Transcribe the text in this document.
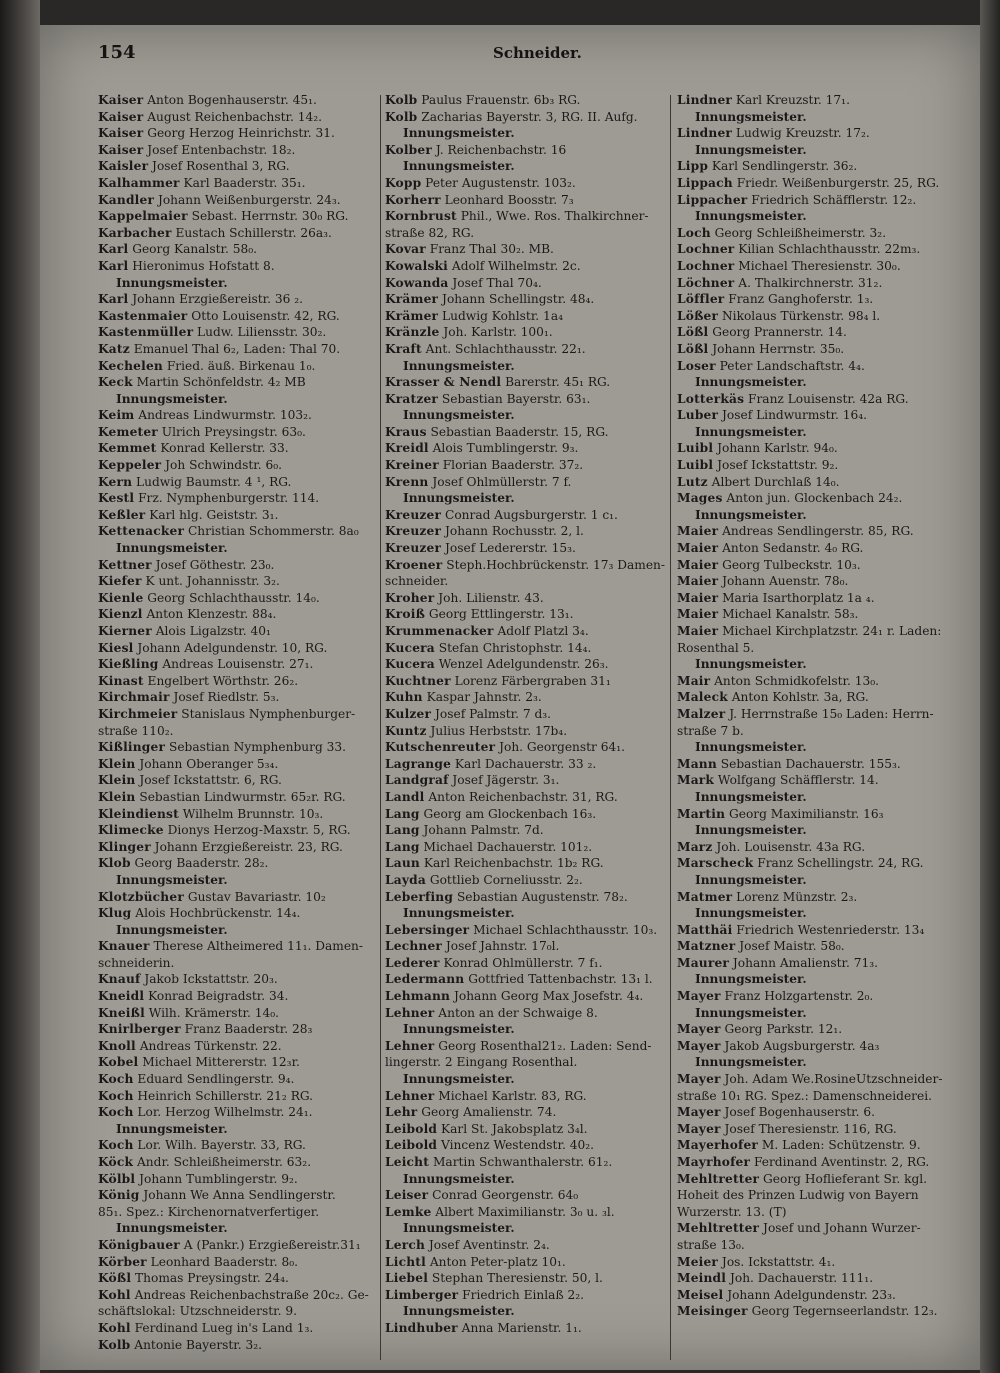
154	Schneider.
Kaiser Anton Bogenhauserstr. 45₁.
Kaiser August Reichenbachstr. 14₂.
Kaiser Georg Herzog Heinrichstr. 31.
Kaiser Josef Entenbachstr. 18₂.
Kaisler Josef Rosenthal 3, RG.
Kalhammer Karl Baaderstr. 35₁.
Kandler Johann Weißenburgerstr. 24₃.
Kappelmaier Sebast. Herrnstr. 30₀ RG.
Karbacher Eustach Schillerstr. 26a₃.
Karl Georg Kanalstr. 58₀.
Karl Hieronimus Hofstatt 8.
Innungsmeister.
Karl Johann Erzgießereistr. 36 ₂.
Kastenmaier Otto Louisenstr. 42, RG.
Kastenmüller Ludw. Liliensstr. 30₂.
Katz Emanuel Thal 6₂, Laden: Thal 70.
Kechelen Fried. äuß. Birkenau 1₀.
Keck Martin Schönfeldstr. 4₂ MB
Innungsmeister.
Keim Andreas Lindwurmstr. 103₂.
Kemeter Ulrich Preysingstr. 63₀.
Kemmet Konrad Kellerstr. 33.
Keppeler Joh Schwindstr. 6₀.
Kern Ludwig Baumstr. 4 ¹, RG.
Kestl Frz. Nymphenburgerstr. 114.
Keßler Karl hlg. Geiststr. 3₁.
Kettenacker Christian Schommerstr. 8a₀
Innungsmeister.
Kettner Josef Göthestr. 23₀.
Kiefer K unt. Johannisstr. 3₂.
Kienle Georg Schlachthausstr. 14₀.
Kienzl Anton Klenzestr. 88₄.
Kierner Alois Ligalzstr. 40₁
Kiesl Johann Adelgundenstr. 10, RG.
Kießling Andreas Louisenstr. 27₁.
Kinast Engelbert Wörthstr. 26₂.
Kirchmair Josef Riedlstr. 5₃.
Kirchmeier Stanislaus Nymphenburger-
straße 110₂.
Kißlinger Sebastian Nymphenburg 33.
Klein Johann Oberanger 5₃₄.
Klein Josef Ickstattstr. 6, RG.
Klein Sebastian Lindwurmstr. 65₂r. RG.
Kleindienst Wilhelm Brunnstr. 10₃.
Klimecke Dionys Herzog-Maxstr. 5, RG.
Klinger Johann Erzgießereistr. 23, RG.
Klob Georg Baaderstr. 28₂.
Innungsmeister.
Klotzbücher Gustav Bavariastr. 10₂
Klug Alois Hochbrückenstr. 14₄.
Innungsmeister.
Knauer Therese Altheimered 11₁. Damen-
schneiderin.
Knauf Jakob Ickstattstr. 20₃.
Kneidl Konrad Beigradstr. 34.
Kneißl Wilh. Krämerstr. 14₀.
Knirlberger Franz Baaderstr. 28₃
Knoll Andreas Türkenstr. 22.
Kobel Michael Mittererstr. 12₃r.
Koch Eduard Sendlingerstr. 9₄.
Koch Heinrich Schillerstr. 21₂ RG.
Koch Lor. Herzog Wilhelmstr. 24₁.
Innungsmeister.
Koch Lor. Wilh. Bayerstr. 33, RG.
Köck Andr. Schleißheimerstr. 63₂.
Kölbl Johann Tumblingerstr. 9₂.
König Johann We Anna Sendlingerstr.
85₁. Spez.: Kirchenornatverfertiger.
Innungsmeister.
Königbauer A (Pankr.) Erzgießereistr.31₁
Körber Leonhard Baaderstr. 8₀.
Kößl Thomas Preysingstr. 24₄.
Kohl Andreas Reichenbachstraße 20c₂. Ge-
schäftslokal: Utzschneiderstr. 9.
Kohl Ferdinand Lueg in's Land 1₃.
Kolb Antonie Bayerstr. 3₂.
Kolb Paulus Frauenstr. 6b₃ RG.
Kolb Zacharias Bayerstr. 3, RG. II. Aufg.
Innungsmeister.
Kolber J. Reichenbachstr. 16
Innungsmeister.
Kopp Peter Augustenstr. 103₂.
Korherr Leonhard Boosstr. 7₃
Kornbrust Phil., Wwe. Ros. Thalkirchner-
straße 82, RG.
Kovar Franz Thal 30₂. MB.
Kowalski Adolf Wilhelmstr. 2c.
Kowanda Josef Thal 70₄.
Krämer Johann Schellingstr. 48₄.
Krämer Ludwig Kohlstr. 1a₄
Kränzle Joh. Karlstr. 100₁.
Kraft Ant. Schlachthausstr. 22₁.
Innungsmeister.
Krasser & Nendl Barerstr. 45₁ RG.
Kratzer Sebastian Bayerstr. 63₁.
Innungsmeister.
Kraus Sebastian Baaderstr. 15, RG.
Kreidl Alois Tumblingerstr. 9₃.
Kreiner Florian Baaderstr. 37₂.
Krenn Josef Ohlmüllerstr. 7 f.
Innungsmeister.
Kreuzer Conrad Augsburgerstr. 1 c₁.
Kreuzer Johann Rochusstr. 2, l.
Kreuzer Josef Ledererstr. 15₃.
Kroener Steph.Hochbrückenstr. 17₃ Damen-
schneider.
Kroher Joh. Lilienstr. 43.
Kroiß Georg Ettlingerstr. 13₁.
Krummenacker Adolf Platzl 3₄.
Kucera Stefan Christophstr. 14₄.
Kucera Wenzel Adelgundenstr. 26₃.
Kuchtner Lorenz Färbergraben 31₁
Kuhn Kaspar Jahnstr. 2₃.
Kulzer Josef Palmstr. 7 d₃.
Kuntz Julius Herbststr. 17b₄.
Kutschenreuter Joh. Georgenstr 64₁.
Lagrange Karl Dachauerstr. 33 ₂.
Landgraf Josef Jägerstr. 3₁.
Landl Anton Reichenbachstr. 31, RG.
Lang Georg am Glockenbach 16₃.
Lang Johann Palmstr. 7d.
Lang Michael Dachauerstr. 101₂.
Laun Karl Reichenbachstr. 1b₂ RG.
Layda Gottlieb Corneliusstr. 2₂.
Leberfing Sebastian Augustenstr. 78₂.
Innungsmeister.
Lebersinger Michael Schlachthausstr. 10₃.
Lechner Josef Jahnstr. 17₀l.
Lederer Konrad Ohlmüllerstr. 7 f₁.
Ledermann Gottfried Tattenbachstr. 13₁ l.
Lehmann Johann Georg Max Josefstr. 4₄.
Lehner Anton an der Schwaige 8.
Innungsmeister.
Lehner Georg Rosenthal21₂. Laden: Send-
lingerstr. 2 Eingang Rosenthal.
Innungsmeister.
Lehner Michael Karlstr. 83, RG.
Lehr Georg Amalienstr. 74.
Leibold Karl St. Jakobsplatz 3₄l.
Leibold Vincenz Westendstr. 40₂.
Leicht Martin Schwanthalerstr. 61₂.
Innungsmeister.
Leiser Conrad Georgenstr. 64₀
Lemke Albert Maximilianstr. 3₀ u. ₃l.
Innungsmeister.
Lerch Josef Aventinstr. 2₄.
Lichtl Anton Peter-platz 10₁.
Liebel Stephan Theresienstr. 50, l.
Limberger Friedrich Einlaß 2₂.
Innungsmeister.
Lindhuber Anna Marienstr. 1₁.
Lindner Karl Kreuzstr. 17₁.
Innungsmeister.
Lindner Ludwig Kreuzstr. 17₂.
Innungsmeister.
Lipp Karl Sendlingerstr. 36₂.
Lippach Friedr. Weißenburgerstr. 25, RG.
Lippacher Friedrich Schäfflerstr. 12₂.
Innungsmeister.
Loch Georg Schleißheimerstr. 3₂.
Lochner Kilian Schlachthausstr. 22m₃.
Lochner Michael Theresienstr. 30₀.
Löchner A. Thalkirchnerstr. 31₂.
Löffler Franz Ganghoferstr. 1₃.
Lößer Nikolaus Türkenstr. 98₄ l.
Lößl Georg Prannerstr. 14.
Lößl Johann Herrnstr. 35₀.
Loser Peter Landschaftstr. 4₄.
Innungsmeister.
Lotterkäs Franz Louisenstr. 42a RG.
Luber Josef Lindwurmstr. 16₄.
Innungsmeister.
Luibl Johann Karlstr. 94₀.
Luibl Josef Ickstattstr. 9₂.
Lutz Albert Durchlaß 14₀.
Mages Anton jun. Glockenbach 24₂.
Innungsmeister.
Maier Andreas Sendlingerstr. 85, RG.
Maier Anton Sedanstr. 4₀ RG.
Maier Georg Tulbeckstr. 10₃.
Maier Johann Auenstr. 78₀.
Maier Maria Isarthorplatz 1a ₄.
Maier Michael Kanalstr. 58₃.
Maier Michael Kirchplatzstr. 24₁ r. Laden:
Rosenthal 5.
Innungsmeister.
Mair Anton Schmidkofelstr. 13₀.
Maleck Anton Kohlstr. 3a, RG.
Malzer J. Herrnstraße 15₀ Laden: Herrn-
straße 7 b.
Innungsmeister.
Mann Sebastian Dachauerstr. 155₃.
Mark Wolfgang Schäfflerstr. 14.
Innungsmeister.
Martin Georg Maximilianstr. 16₃
Innungsmeister.
Marz Joh. Louisenstr. 43a RG.
Marscheck Franz Schellingstr. 24, RG.
Innungsmeister.
Matmer Lorenz Münzstr. 2₃.
Innungsmeister.
Matthäi Friedrich Westenriederstr. 13₄
Matzner Josef Maistr. 58₀.
Maurer Johann Amalienstr. 71₃.
Innungsmeister.
Mayer Franz Holzgartenstr. 2₀.
Innungsmeister.
Mayer Georg Parkstr. 12₁.
Mayer Jakob Augsburgerstr. 4a₃
Innungsmeister.
Mayer Joh. Adam We.RosineUtzschneider-
straße 10₁ RG. Spez.: Damenschneiderei.
Mayer Josef Bogenhauserstr. 6.
Mayer Josef Theresienstr. 116, RG.
Mayerhofer M. Laden: Schützenstr. 9.
Mayrhofer Ferdinand Aventinstr. 2, RG.
Mehltretter Georg Hoflieferant Sr. kgl.
Hoheit des Prinzen Ludwig von Bayern
Wurzerstr. 13. (T)
Mehltretter Josef und Johann Wurzer-
straße 13₀.
Meier Jos. Ickstattstr. 4₁.
Meindl Joh. Dachauerstr. 111₁.
Meisel Johann Adelgundenstr. 23₃.
Meisinger Georg Tegernseerlandstr. 12₃.
